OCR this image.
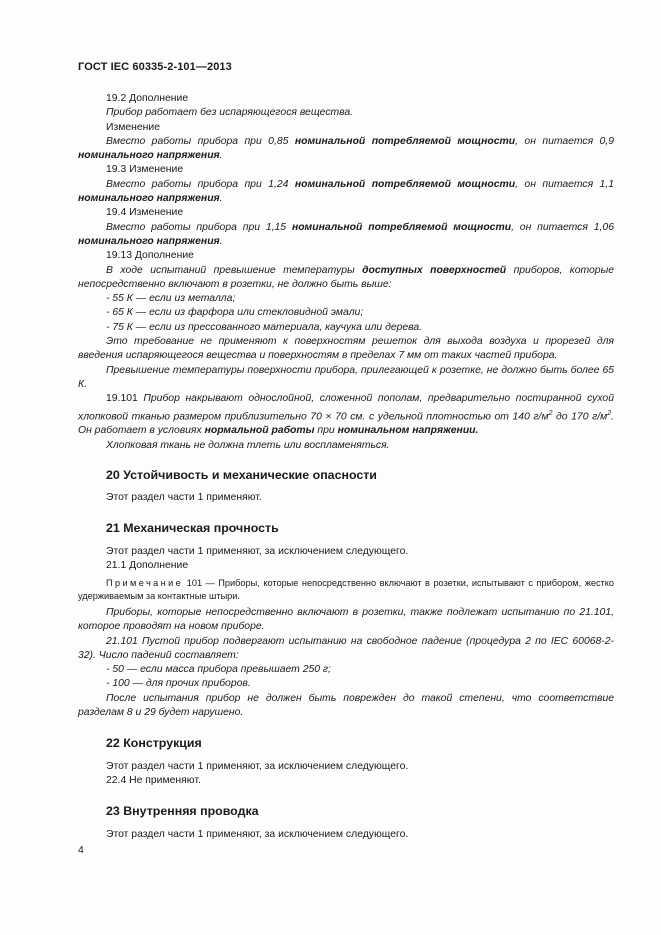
ГОСТ IEC 60335-2-101—2013
19.2 Дополнение
Прибор работает без испаряющегося вещества.
Изменение
Вместо работы прибора при 0,85 номинальной потребляемой мощности, он питается 0,9 номинального напряжения.
19.3 Изменение
Вместо работы прибора при 1,24 номинальной потребляемой мощности, он питается 1,1 номинального напряжения.
19.4 Изменение
Вместо работы прибора при 1,15 номинальной потребляемой мощности, он питается 1,06 номинального напряжения.
19.13 Дополнение
В ходе испытаний превышение температуры доступных поверхностей приборов, которые непосредственно включают в розетки, не должно быть выше:
- 55 К — если из металла;
- 65 К — если из фарфора или стекловидной эмали;
- 75 К — если из прессованного материала, каучука или дерева.
Это требование не применяют к поверхностям решеток для выхода воздуха и прорезей для введения испаряющегося вещества и поверхностям в пределах 7 мм от таких частей прибора.
Превышение температуры поверхности прибора, прилегающей к розетке, не должно быть более 65 К.
19.101 Прибор накрывают однослойной, сложенной пополам, предварительно постиранной сухой хлопковой тканью размером приблизительно 70 × 70 см. с удельной плотностью от 140 $г/м^2$ до 170 $г/м^2$. Он работает в условиях нормальной работы при номинальном напряжении.
Хлопковая ткань не должна тлеть или воспламеняться.
20 Устойчивость и механические опасности
Этот раздел части 1 применяют.
21 Механическая прочность
Этот раздел части 1 применяют, за исключением следующего.
21.1 Дополнение
Примечание 101 — Приборы, которые непосредственно включают в розетки, испытывают с прибором, жестко удерживаемым за контактные штыри.
Приборы, которые непосредственно включают в розетки, также подлежат испытанию по 21.101, которое проводят на новом приборе.
21.101 Пустой прибор подвергают испытанию на свободное падение (процедура 2 по IEC 60068-2-32). Число падений составляет:
- 50 — если масса прибора превышает 250 г;
- 100 — для прочих приборов.
После испытания прибор не должен быть поврежден до такой степени, что соответствие разделам 8 и 29 будет нарушено.
22 Конструкция
Этот раздел части 1 применяют, за исключением следующего.
22.4 Не применяют.
23 Внутренняя проводка
Этот раздел части 1 применяют, за исключением следующего.
4
